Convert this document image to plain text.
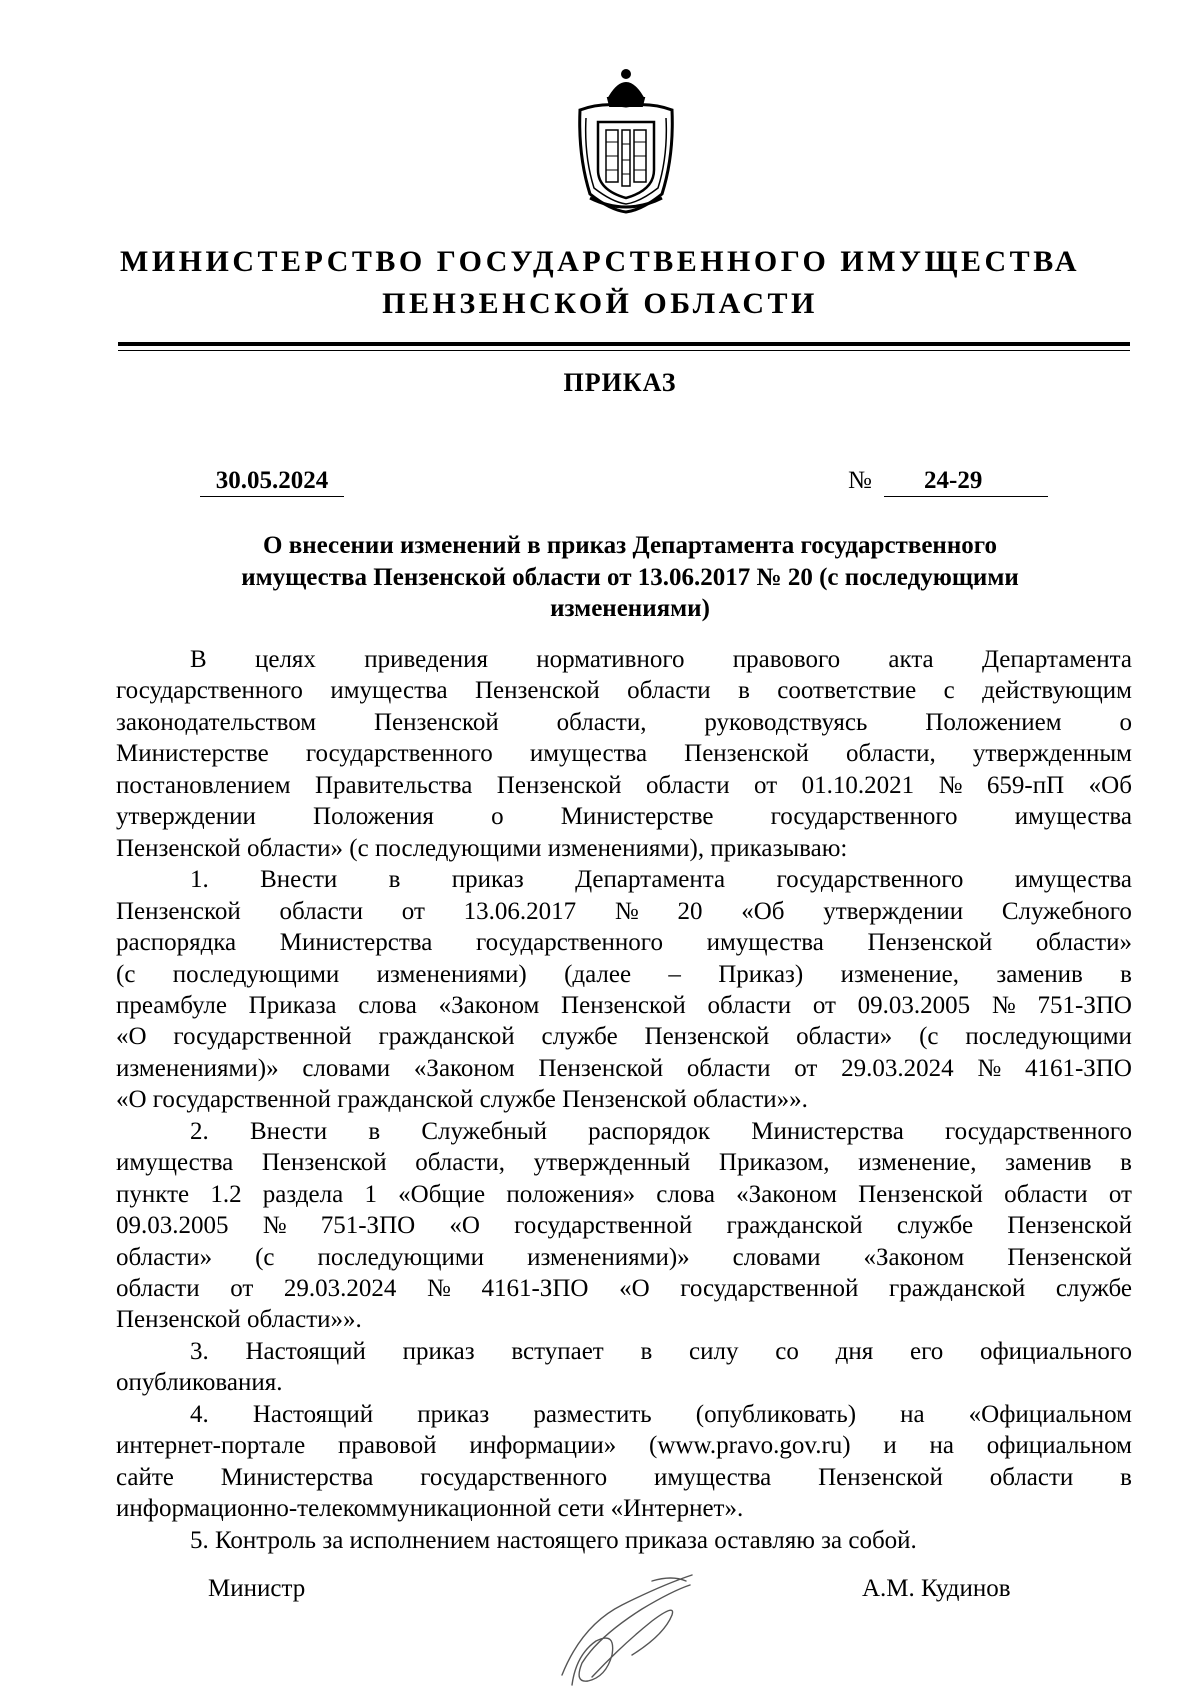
МИНИСТЕРСТВО ГОСУДАРСТВЕННОГО ИМУЩЕСТВА
ПЕНЗЕНСКОЙ ОБЛАСТИ
ПРИКАЗ
30.05.2024	№	24-29
О внесении изменений в приказ Департамента государственного
имущества Пензенской области от 13.06.2017 № 20 (с последующими
изменениями)
В целях приведения нормативного правового акта Департамента
государственного имущества Пензенской области в соответствие с действующим
законодательством Пензенской области, руководствуясь Положением о
Министерстве государственного имущества Пензенской области, утвержденным
постановлением Правительства Пензенской области от 01.10.2021 № 659-пП «Об
утверждении Положения о Министерстве государственного имущества
Пензенской области» (с последующими изменениями), приказываю:
1. Внести в приказ Департамента государственного имущества
Пензенской области от 13.06.2017 № 20 «Об утверждении Служебного
распорядка Министерства государственного имущества Пензенской области»
(с последующими изменениями) (далее – Приказ) изменение, заменив в
преамбуле Приказа слова «Законом Пензенской области от 09.03.2005 № 751-ЗПО
«О государственной гражданской службе Пензенской области» (с последующими
изменениями)» словами «Законом Пензенской области от 29.03.2024 № 4161-ЗПО
«О государственной гражданской службе Пензенской области»».
2. Внести в Служебный распорядок Министерства государственного
имущества Пензенской области, утвержденный Приказом, изменение, заменив в
пункте 1.2 раздела 1 «Общие положения» слова «Законом Пензенской области от
09.03.2005 № 751-ЗПО «О государственной гражданской службе Пензенской
области» (с последующими изменениями)» словами «Законом Пензенской
области от 29.03.2024 № 4161-ЗПО «О государственной гражданской службе
Пензенской области»».
3. Настоящий приказ вступает в силу со дня его официального
опубликования.
4. Настоящий приказ разместить (опубликовать) на «Официальном
интернет-портале правовой информации» (www.pravo.gov.ru) и на официальном
сайте Министерства государственного имущества Пензенской области в
информационно-телекоммуникационной сети «Интернет».
5. Контроль за исполнением настоящего приказа оставляю за собой.
Министр	А.М. Кудинов
